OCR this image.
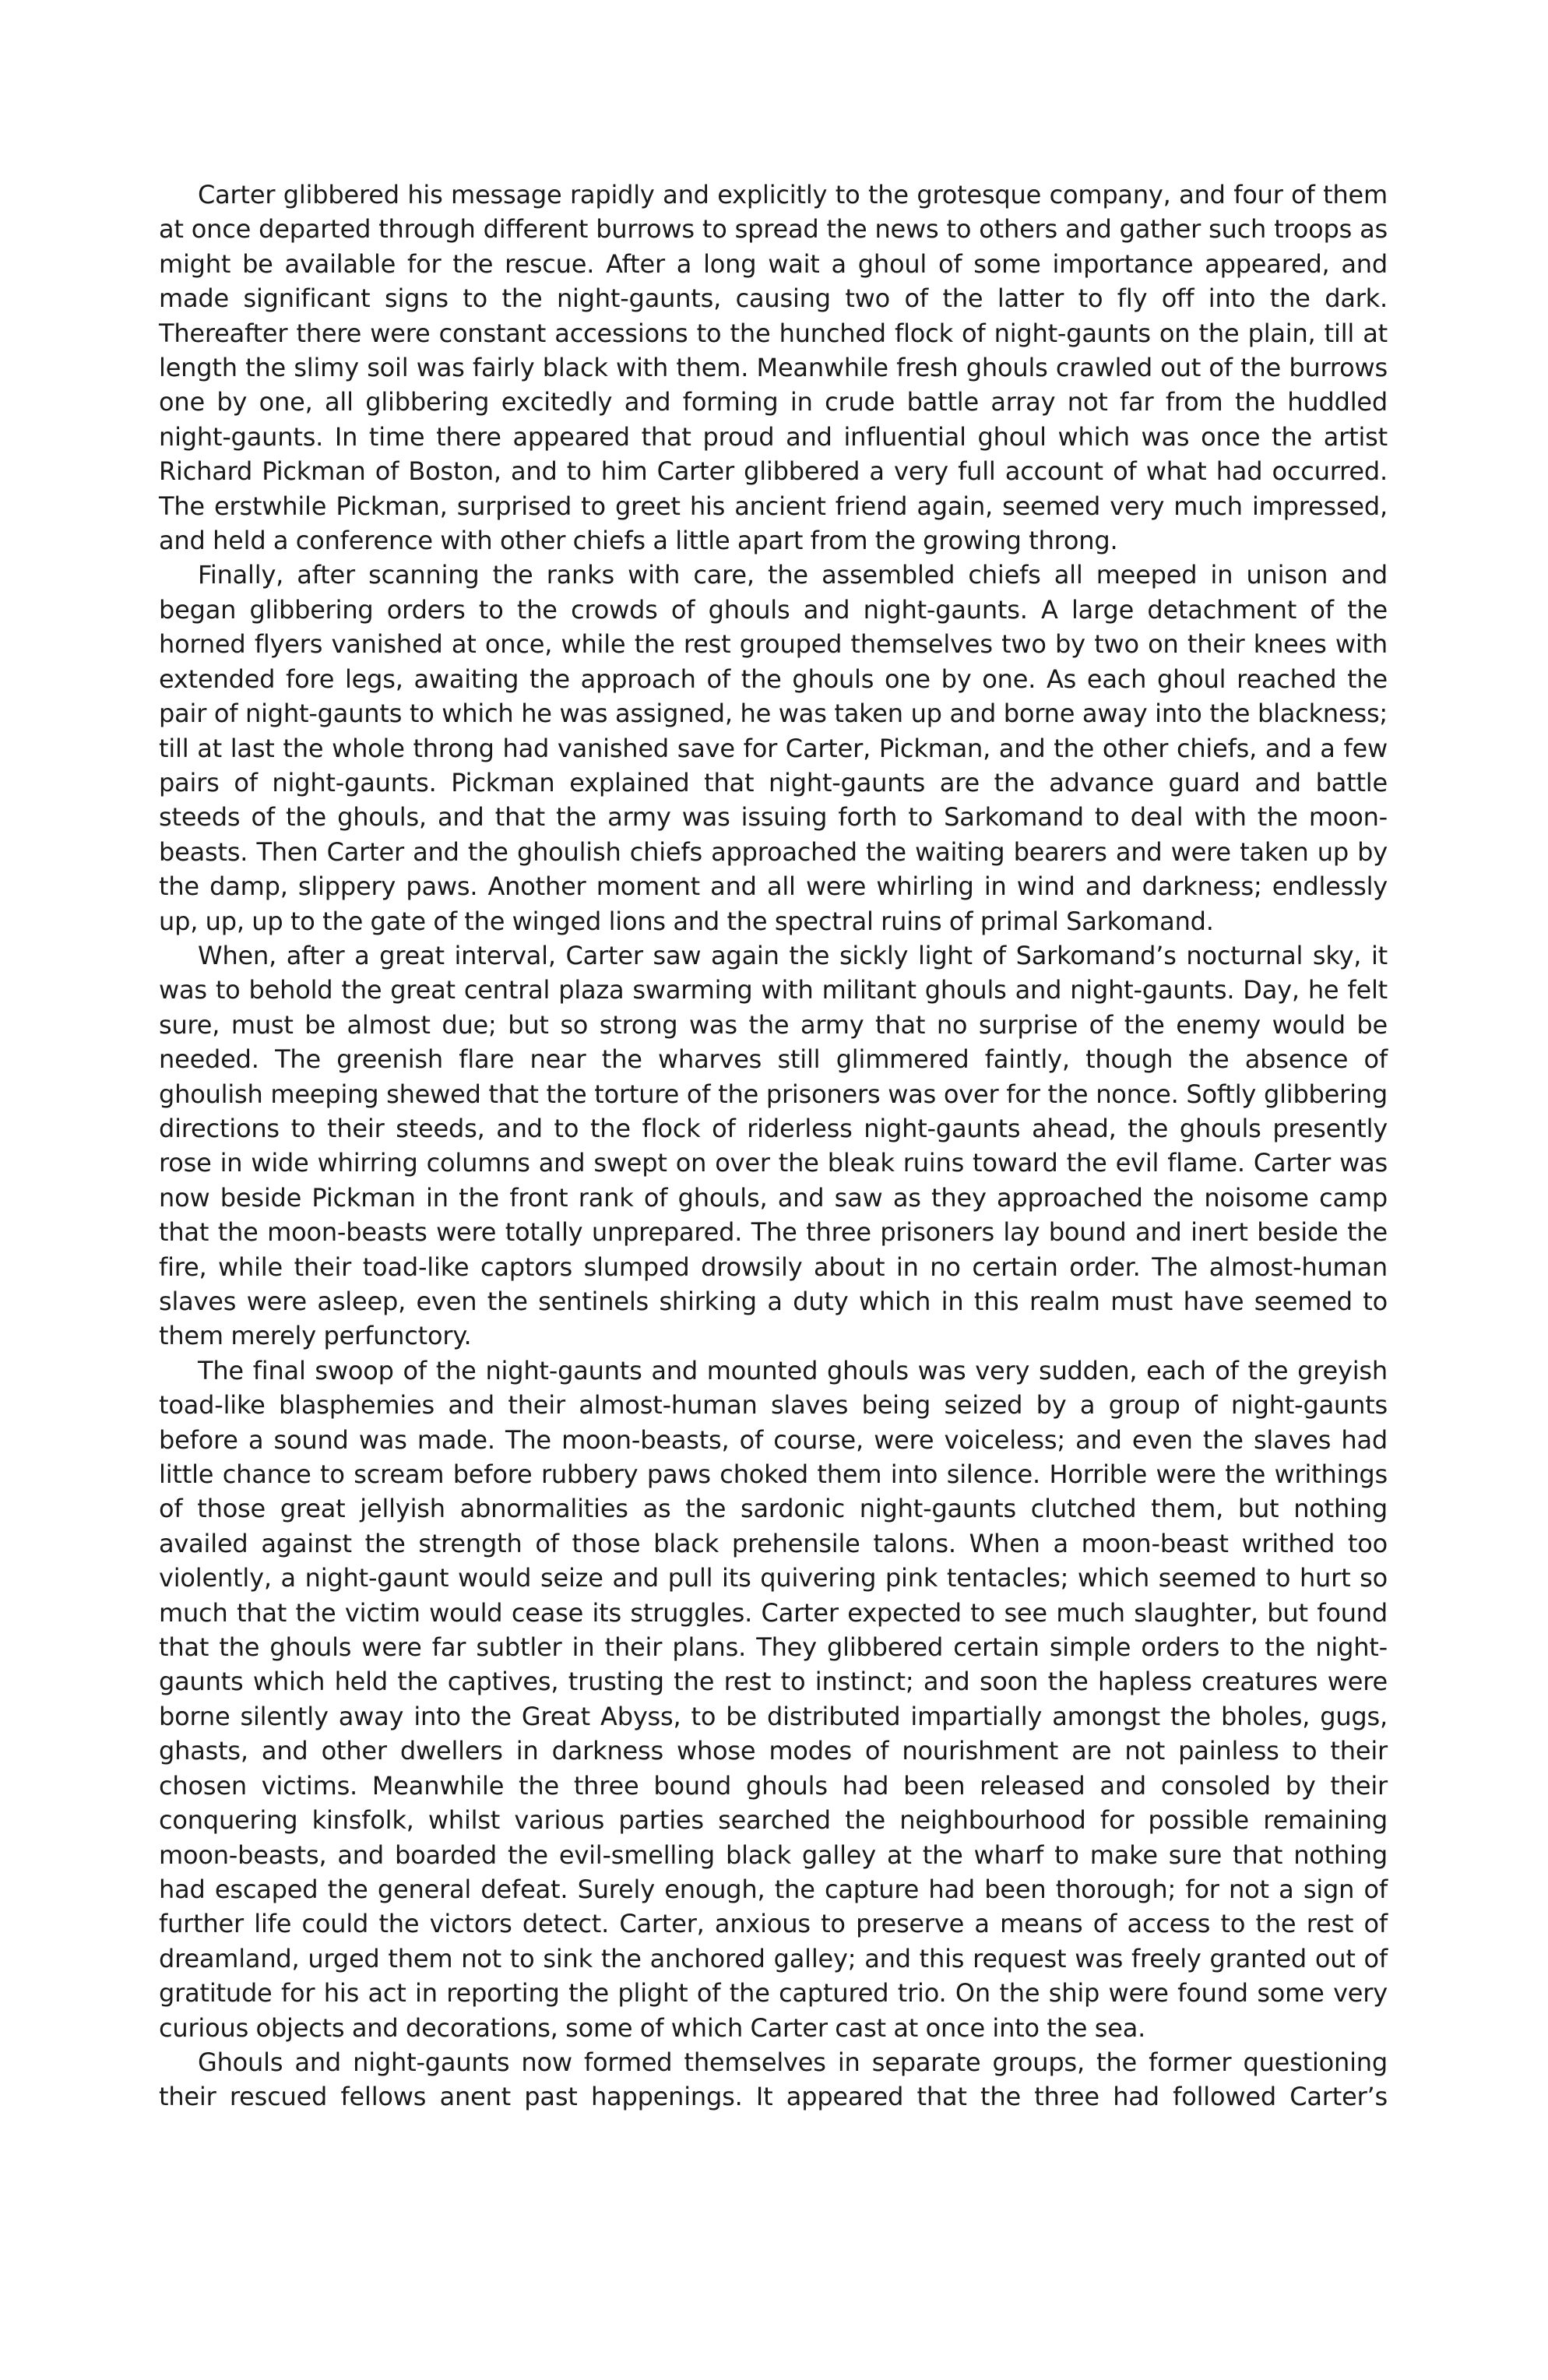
Carter glibbered his message rapidly and explicitly to the grotesque company, and four of them at once departed through different burrows to spread the news to others and gather such troops as might be available for the rescue. After a long wait a ghoul of some importance appeared, and made significant signs to the night-gaunts, causing two of the latter to fly off into the dark. Thereafter there were constant accessions to the hunched flock of night-gaunts on the plain, till at length the slimy soil was fairly black with them. Meanwhile fresh ghouls crawled out of the burrows one by one, all glibbering excitedly and forming in crude battle array not far from the huddled night-gaunts. In time there appeared that proud and influential ghoul which was once the artist Richard Pickman of Boston, and to him Carter glibbered a very full account of what had occurred. The erstwhile Pickman, surprised to greet his ancient friend again, seemed very much impressed, and held a conference with other chiefs a little apart from the growing throng.

Finally, after scanning the ranks with care, the assembled chiefs all meeped in unison and began glibbering orders to the crowds of ghouls and night-gaunts. A large detachment of the horned flyers vanished at once, while the rest grouped themselves two by two on their knees with extended fore legs, awaiting the approach of the ghouls one by one. As each ghoul reached the pair of night-gaunts to which he was assigned, he was taken up and borne away into the blackness; till at last the whole throng had vanished save for Carter, Pickman, and the other chiefs, and a few pairs of night-gaunts. Pickman explained that night-gaunts are the advance guard and battle steeds of the ghouls, and that the army was issuing forth to Sarkomand to deal with the moon-beasts. Then Carter and the ghoulish chiefs approached the waiting bearers and were taken up by the damp, slippery paws. Another moment and all were whirling in wind and darkness; endlessly up, up, up to the gate of the winged lions and the spectral ruins of primal Sarkomand.

When, after a great interval, Carter saw again the sickly light of Sarkomand’s nocturnal sky, it was to behold the great central plaza swarming with militant ghouls and night-gaunts. Day, he felt sure, must be almost due; but so strong was the army that no surprise of the enemy would be needed. The greenish flare near the wharves still glimmered faintly, though the absence of ghoulish meeping shewed that the torture of the prisoners was over for the nonce. Softly glibbering directions to their steeds, and to the flock of riderless night-gaunts ahead, the ghouls presently rose in wide whirring columns and swept on over the bleak ruins toward the evil flame. Carter was now beside Pickman in the front rank of ghouls, and saw as they approached the noisome camp that the moon-beasts were totally unprepared. The three prisoners lay bound and inert beside the fire, while their toad-like captors slumped drowsily about in no certain order. The almost-human slaves were asleep, even the sentinels shirking a duty which in this realm must have seemed to them merely perfunctory.

The final swoop of the night-gaunts and mounted ghouls was very sudden, each of the greyish toad-like blasphemies and their almost-human slaves being seized by a group of night-gaunts before a sound was made. The moon-beasts, of course, were voiceless; and even the slaves had little chance to scream before rubbery paws choked them into silence. Horrible were the writhings of those great jellyish abnormalities as the sardonic night-gaunts clutched them, but nothing availed against the strength of those black prehensile talons. When a moon-beast writhed too violently, a night-gaunt would seize and pull its quivering pink tentacles; which seemed to hurt so much that the victim would cease its struggles. Carter expected to see much slaughter, but found that the ghouls were far subtler in their plans. They glibbered certain simple orders to the night-gaunts which held the captives, trusting the rest to instinct; and soon the hapless creatures were borne silently away into the Great Abyss, to be distributed impartially amongst the bholes, gugs, ghasts, and other dwellers in darkness whose modes of nourishment are not painless to their chosen victims. Meanwhile the three bound ghouls had been released and consoled by their conquering kinsfolk, whilst various parties searched the neighbourhood for possible remaining moon-beasts, and boarded the evil-smelling black galley at the wharf to make sure that nothing had escaped the general defeat. Surely enough, the capture had been thorough; for not a sign of further life could the victors detect. Carter, anxious to preserve a means of access to the rest of dreamland, urged them not to sink the anchored galley; and this request was freely granted out of gratitude for his act in reporting the plight of the captured trio. On the ship were found some very curious objects and decorations, some of which Carter cast at once into the sea.

Ghouls and night-gaunts now formed themselves in separate groups, the former questioning their rescued fellows anent past happenings. It appeared that the three had followed Carter’s
